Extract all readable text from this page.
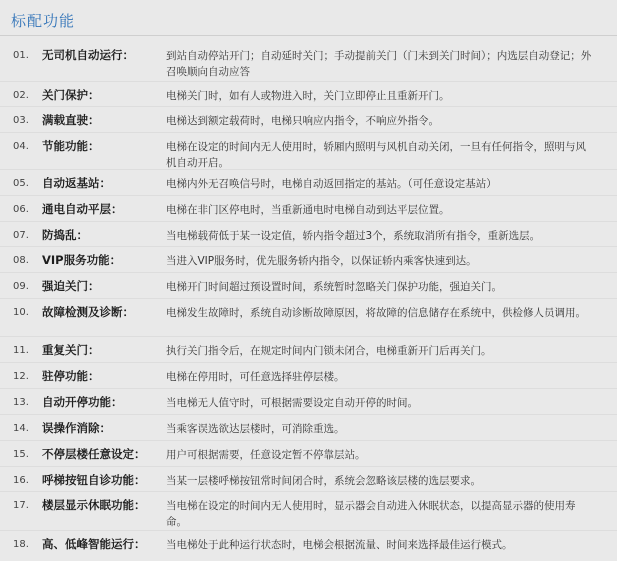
标配功能
01. 无司机自动运行：	到站自动停站开门；自动延时关门；手动提前关门（门未到关门时间）；内选层自动登记；外召唤顺向自动应答
02. 关门保护：	电梯关门时，如有人或物进入时，关门立即停止且重新开门。
03. 满载直驶：	电梯达到额定载荷时，电梯只响应内指令，不响应外指令。
04. 节能功能：	电梯在设定的时间内无人使用时，轿厢内照明与风机自动关闭，一旦有任何指令，照明与风机自动开启。
05. 自动返基站：	电梯内外无召唤信号时，电梯自动返回指定的基站。（可任意设定基站）
06. 通电自动平层：	电梯在非门区停电时，当重新通电时电梯自动到达平层位置。
07. 防捣乱：	当电梯载荷低于某一设定值，轿内指令超过3个，系统取消所有指令，重新选层。
08. VIP服务功能：	当进入VIP服务时，优先服务轿内指令，以保证轿内乘客快速到达。
09. 强迫关门：	电梯开门时间超过预设置时间，系统暂时忽略关门保护功能，强迫关门。
10. 故障检测及诊断：	电梯发生故障时，系统自动诊断故障原因，将故障的信息储存在系统中，供检修人员调用。
11. 重复关门：	执行关门指令后，在规定时间内门锁未闭合，电梯重新开门后再关门。
12. 驻停功能：	电梯在停用时，可任意选择驻停层楼。
13. 自动开停功能：	当电梯无人值守时，可根据需要设定自动开停的时间。
14. 误操作消除：	当乘客误选欲达层楼时，可消除重选。
15. 不停层楼任意设定： 用户可根据需要，任意设定暂不停靠层站。
16. 呼梯按钮自诊功能： 当某一层楼呼梯按钮常时间闭合时，系统会忽略该层楼的选层要求。
17. 楼层显示休眠功能： 当电梯在设定的时间内无人使用时，显示器会自动进入休眠状态，以提高显示器的使用寿命。
18. 高、低峰智能运行： 当电梯处于此种运行状态时，电梯会根据流量、时间来选择最佳运行模式。
